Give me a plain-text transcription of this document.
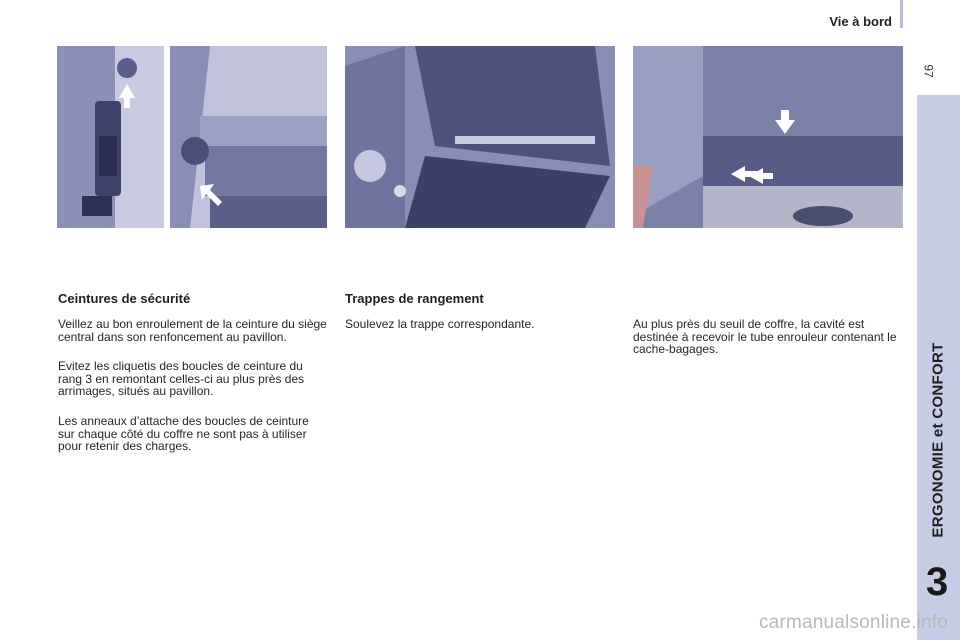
Vie à bord
97
ERGONOMIE et CONFORT
3
Ceintures de sécurité

Veillez au bon enroulement de la ceinture du siège central dans son renfoncement au pavillon.

Evitez les cliquetis des boucles de ceinture du rang 3 en remontant celles-ci au plus près des arrimages, situés au pavillon.

Les anneaux d’attache des boucles de ceinture sur chaque côté du coffre ne sont pas à utiliser pour retenir des charges.

Trappes de rangement

Soulevez la trappe correspondante.	Au plus près du seuil de coffre, la cavité est destinée à recevoir le tube enrouleur contenant le cache-bagages.

carmanualsonline.info
